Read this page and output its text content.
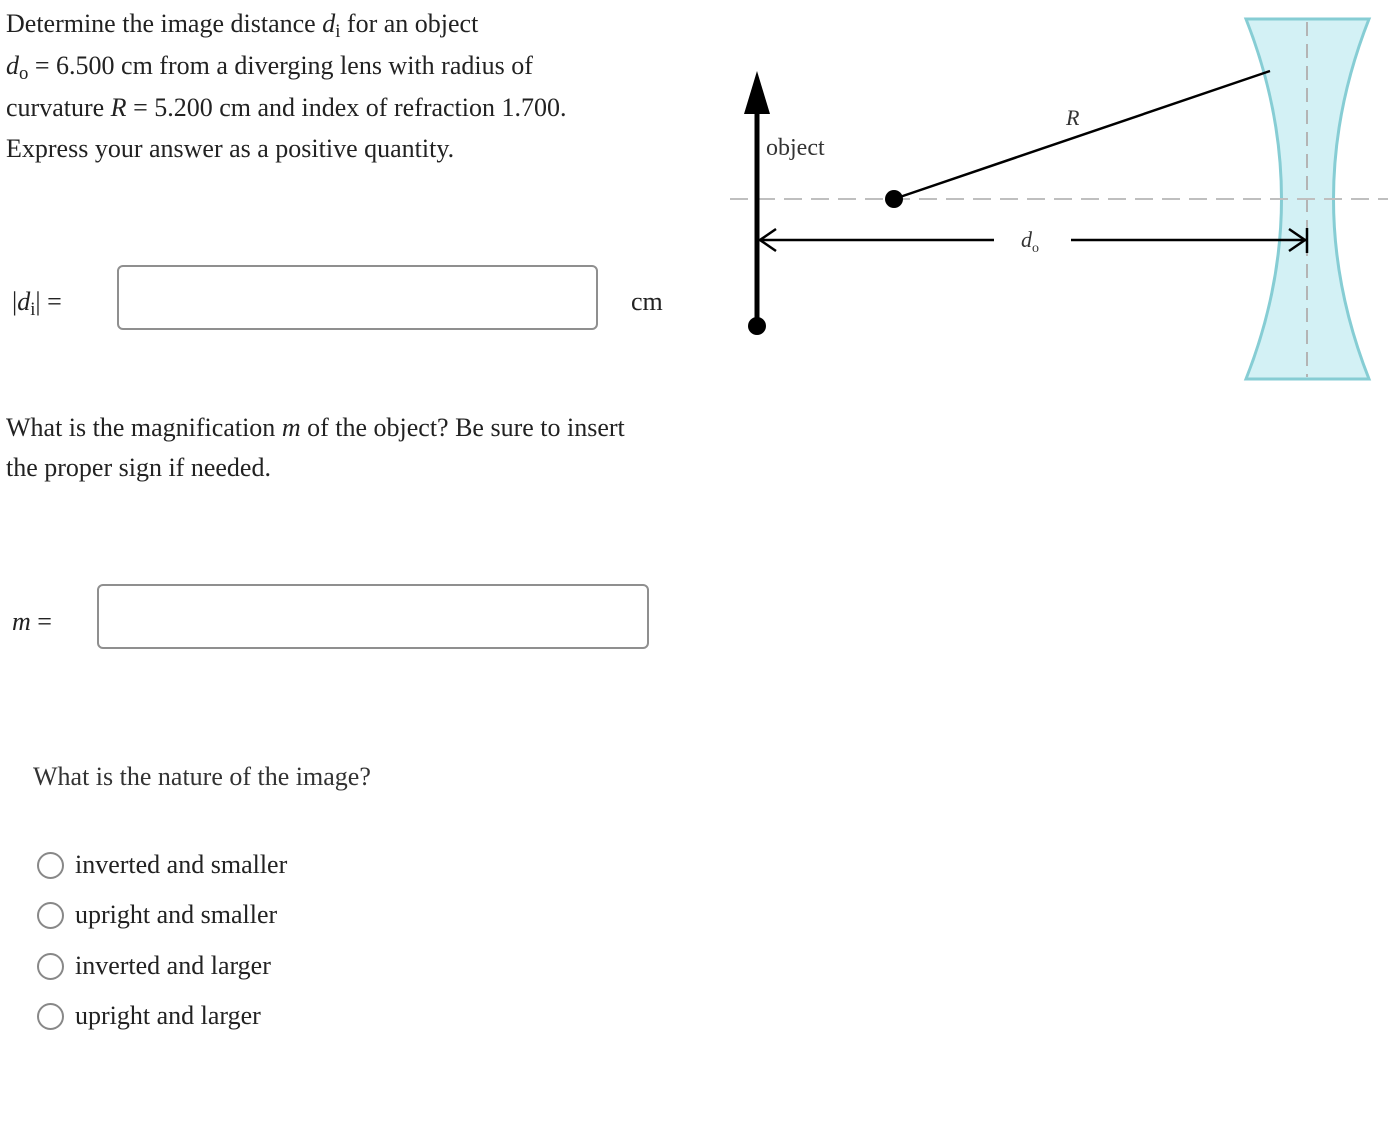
Determine the image distance $d_i$ for an object
$d_o = 6.500$ cm from a diverging lens with radius of
curvature R = 5.200 cm and index of refraction 1.700.
Express your answer as a positive quantity.
$|d_i|$ =	cm
What is the magnification m of the object? Be sure to insert
the proper sign if needed.
m =
What is the nature of the image?
inverted and smaller
upright and smaller
inverted and larger
upright and larger
object
R
$d_o$
